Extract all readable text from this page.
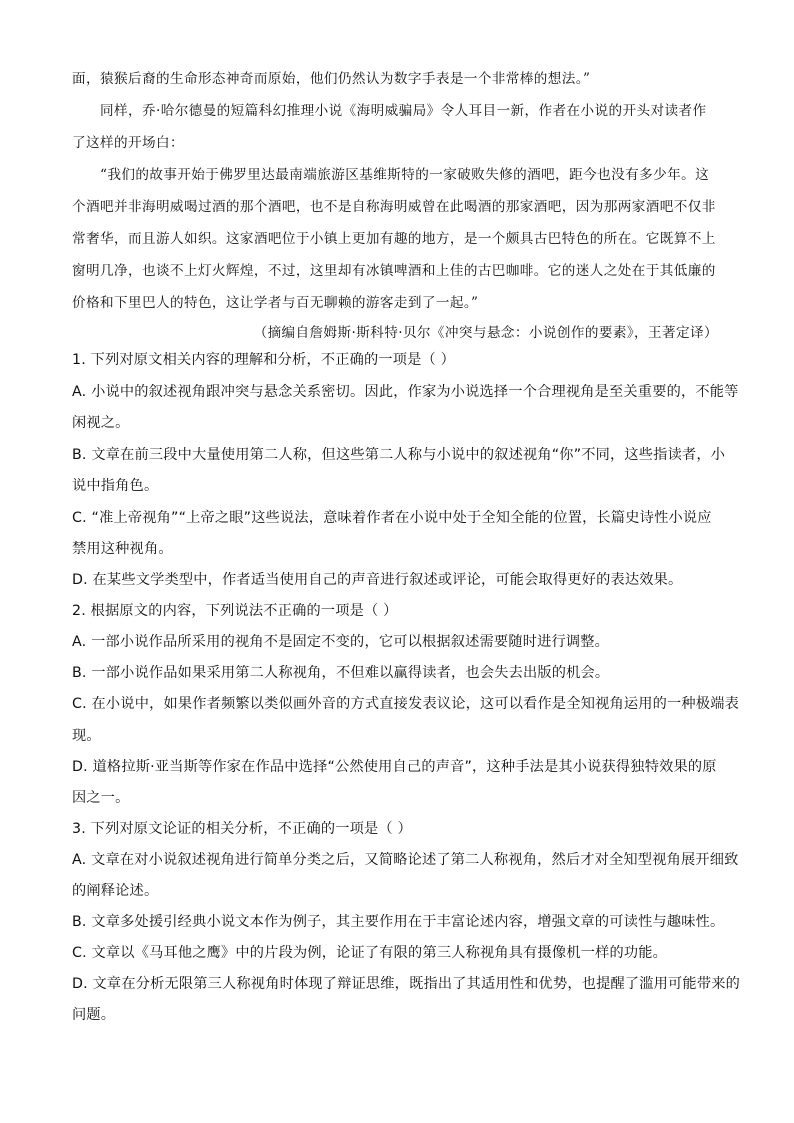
面，猿猴后裔的生命形态神奇而原始，他们仍然认为数字手表是一个非常棒的想法。”
同样，乔·哈尔德曼的短篇科幻推理小说《海明威骗局》令人耳目一新，作者在小说的开头对读者作
了这样的开场白：
“我们的故事开始于佛罗里达最南端旅游区基维斯特的一家破败失修的酒吧，距今也没有多少年。这
个酒吧并非海明威喝过酒的那个酒吧，也不是自称海明威曾在此喝酒的那家酒吧，因为那两家酒吧不仅非
常奢华，而且游人如织。这家酒吧位于小镇上更加有趣的地方，是一个颇具古巴特色的所在。它既算不上
窗明几净，也谈不上灯火辉煌，不过，这里却有冰镇啤酒和上佳的古巴咖啡。它的迷人之处在于其低廉的
价格和下里巴人的特色，这让学者与百无聊赖的游客走到了一起。”
（摘编自詹姆斯·斯科特·贝尔《冲突与悬念：小说创作的要素》，王著定译）
1. 下列对原文相关内容的理解和分析，不正确的一项是（ ）
A. 小说中的叙述视角跟冲突与悬念关系密切。因此，作家为小说选择一个合理视角是至关重要的，不能等
闲视之。
B. 文章在前三段中大量使用第二人称，但这些第二人称与小说中的叙述视角“你”不同，这些指读者，小
说中指角色。
C. “准上帝视角”“上帝之眼”这些说法，意味着作者在小说中处于全知全能的位置，长篇史诗性小说应
禁用这种视角。
D. 在某些文学类型中，作者适当使用自己的声音进行叙述或评论，可能会取得更好的表达效果。
2. 根据原文的内容，下列说法不正确的一项是（ ）
A. 一部小说作品所采用的视角不是固定不变的，它可以根据叙述需要随时进行调整。
B. 一部小说作品如果采用第二人称视角，不但难以赢得读者，也会失去出版的机会。
C. 在小说中，如果作者频繁以类似画外音的方式直接发表议论，这可以看作是全知视角运用的一种极端表
现。
D. 道格拉斯·亚当斯等作家在作品中选择“公然使用自己的声音”，这种手法是其小说获得独特效果的原
因之一。
3. 下列对原文论证的相关分析，不正确的一项是（ ）
A. 文章在对小说叙述视角进行简单分类之后，又简略论述了第二人称视角，然后才对全知型视角展开细致
的阐释论述。
B. 文章多处援引经典小说文本作为例子，其主要作用在于丰富论述内容，增强文章的可读性与趣味性。
C. 文章以《马耳他之鹰》中的片段为例，论证了有限的第三人称视角具有摄像机一样的功能。
D. 文章在分析无限第三人称视角时体现了辩证思维，既指出了其适用性和优势，也提醒了滥用可能带来的
问题。
